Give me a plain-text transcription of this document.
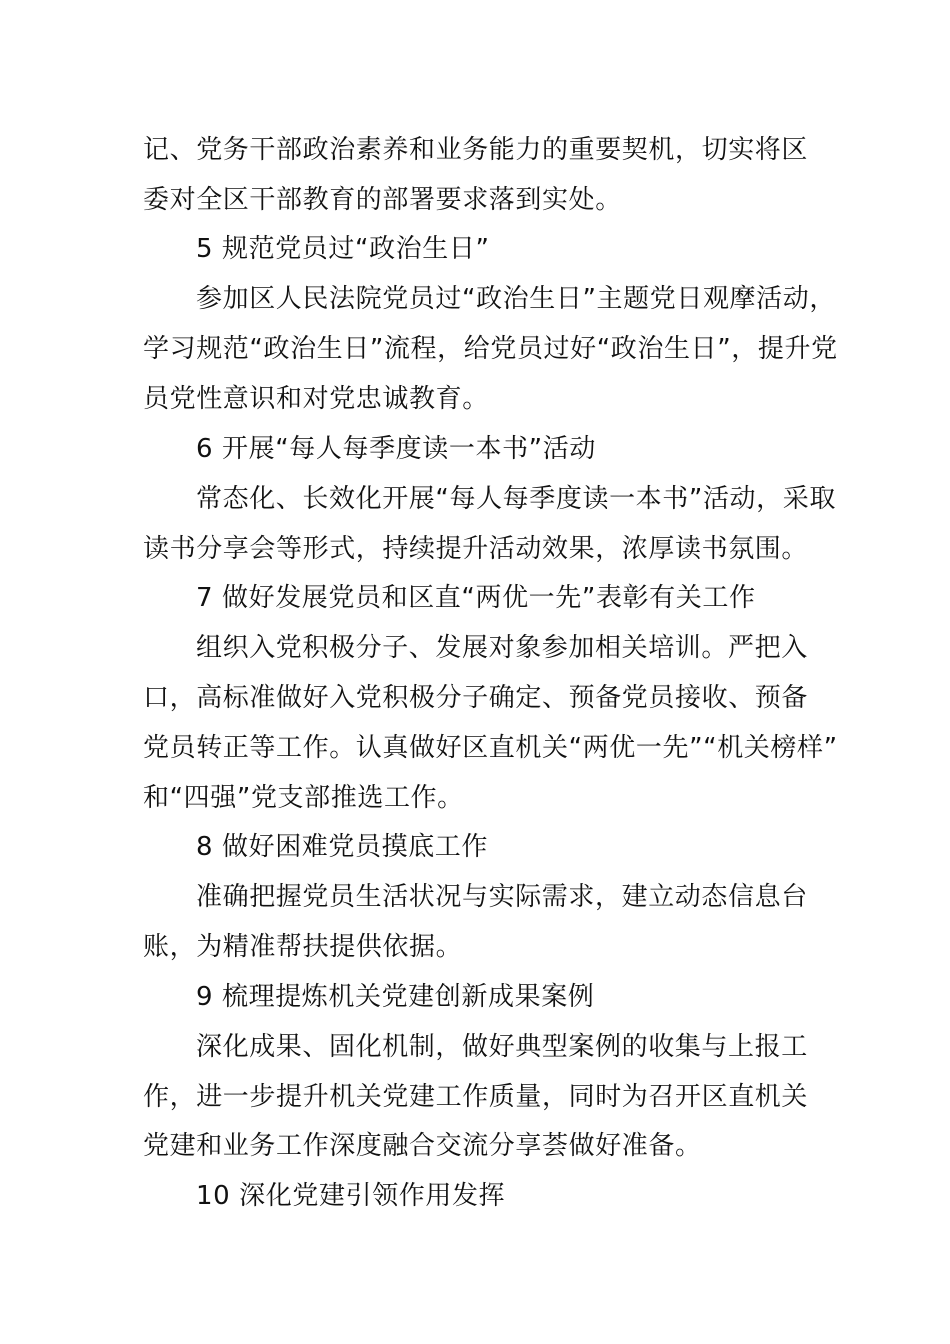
记、党务干部政治素养和业务能力的重要契机，切实将区
委对全区干部教育的部署要求落到实处。
5 规范党员过“政治生日”
参加区人民法院党员过“政治生日”主题党日观摩活动，
学习规范“政治生日”流程，给党员过好“政治生日”，提升党
员党性意识和对党忠诚教育。
6 开展“每人每季度读一本书”活动
常态化、长效化开展“每人每季度读一本书”活动，采取
读书分享会等形式，持续提升活动效果，浓厚读书氛围。
7 做好发展党员和区直“两优一先”表彰有关工作
组织入党积极分子、发展对象参加相关培训。严把入
口，高标准做好入党积极分子确定、预备党员接收、预备
党员转正等工作。认真做好区直机关“两优一先”“机关榜样”
和“四强”党支部推选工作。
8 做好困难党员摸底工作
准确把握党员生活状况与实际需求，建立动态信息台
账，为精准帮扶提供依据。
9 梳理提炼机关党建创新成果案例
深化成果、固化机制，做好典型案例的收集与上报工
作，进一步提升机关党建工作质量，同时为召开区直机关
党建和业务工作深度融合交流分享荟做好准备。
10 深化党建引领作用发挥
